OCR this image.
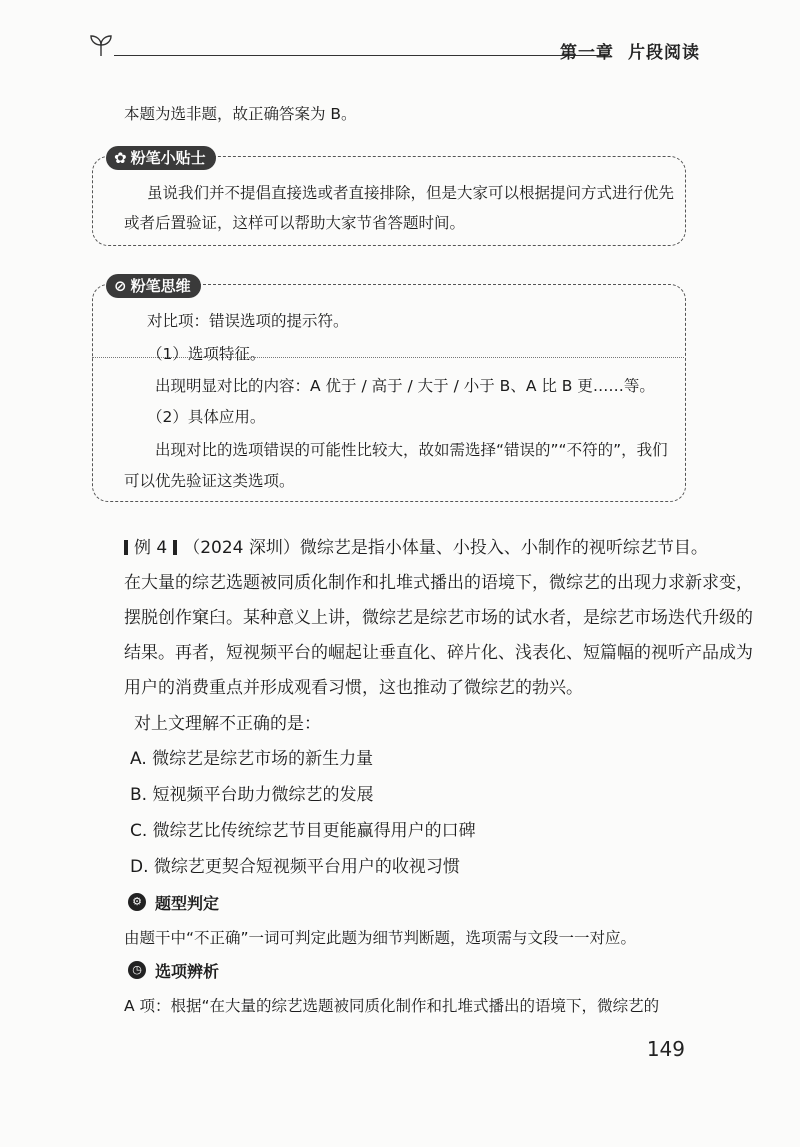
第一章 片段阅读
本题为选非题，故正确答案为 B。
✿ 粉笔小贴士
虽说我们并不提倡直接选或者直接排除，但是大家可以根据提问方式进行优先
或者后置验证，这样可以帮助大家节省答题时间。
⊘ 粉笔思维
对比项：错误选项的提示符。
（1）选项特征。
出现明显对比的内容：A 优于 / 高于 / 大于 / 小于 B、A 比 B 更……等。
（2）具体应用。
出现对比的选项错误的可能性比较大，故如需选择“错误的”“不符的”，我们
可以优先验证这类选项。
例 4 （2024 深圳）微综艺是指小体量、小投入、小制作的视听综艺节目。
在大量的综艺选题被同质化制作和扎堆式播出的语境下，微综艺的出现力求新求变，
摆脱创作窠臼。某种意义上讲，微综艺是综艺市场的试水者，是综艺市场迭代升级的
结果。再者，短视频平台的崛起让垂直化、碎片化、浅表化、短篇幅的视听产品成为
用户的消费重点并形成观看习惯，这也推动了微综艺的勃兴。
对上文理解不正确的是：
A. 微综艺是综艺市场的新生力量
B. 短视频平台助力微综艺的发展
C. 微综艺比传统综艺节目更能赢得用户的口碑
D. 微综艺更契合短视频平台用户的收视习惯
⚙ 题型判定
由题干中“不正确”一词可判定此题为细节判断题，选项需与文段一一对应。
◷ 选项辨析
A 项：根据“在大量的综艺选题被同质化制作和扎堆式播出的语境下，微综艺的
149
